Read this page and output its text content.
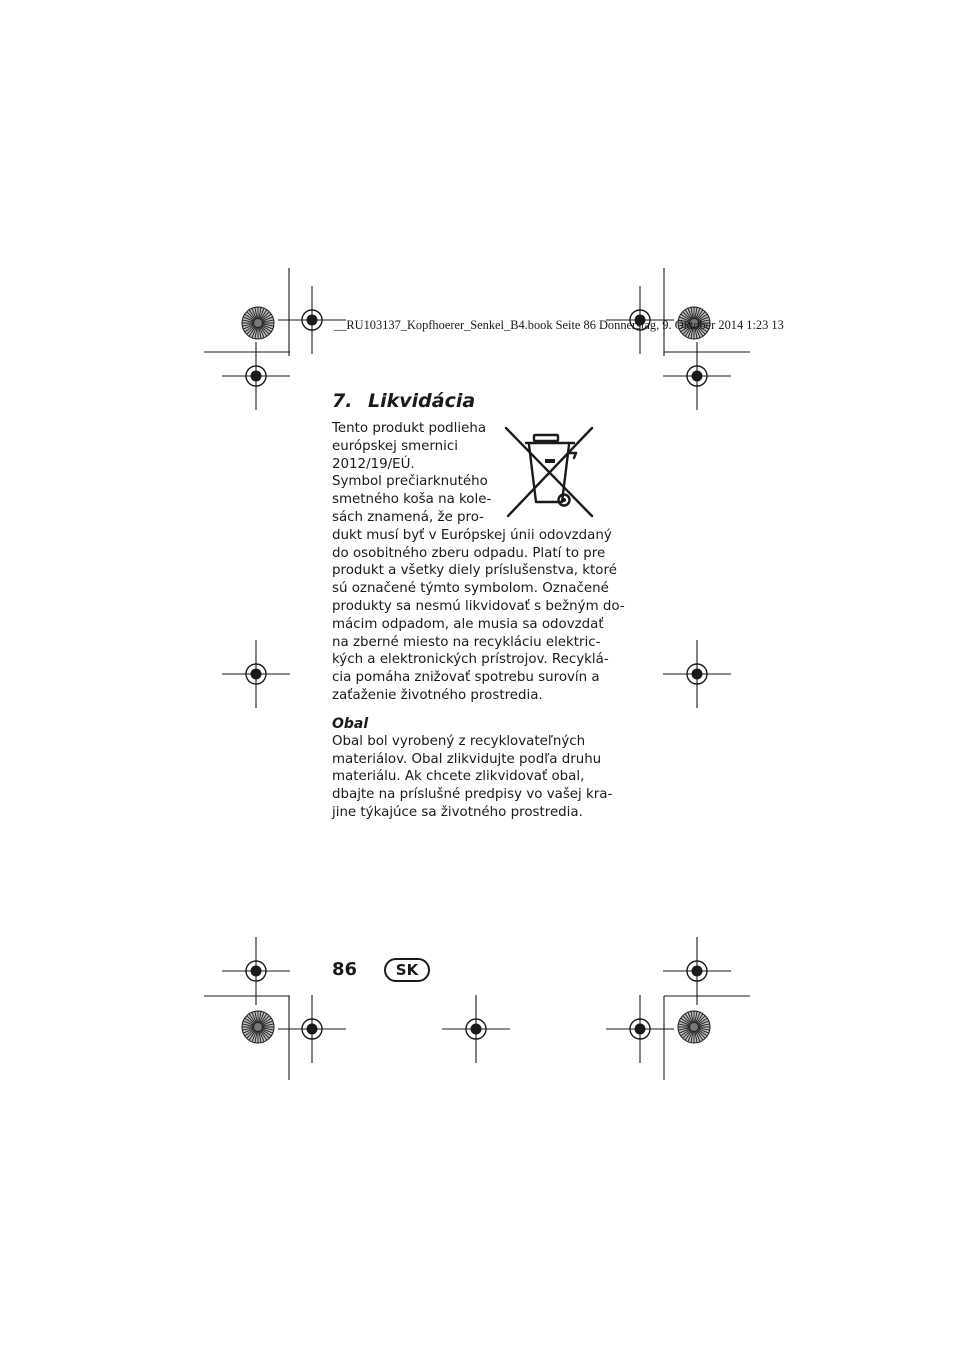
__RU103137_Kopfhoerer_Senkel_B4.book Seite 86 Donnerstag, 9. Oktober 2014 1:23 13
7. Likvidácia
Tento produkt podlieha
európskej smernici
2012/19/EÚ.
Symbol prečiarknutého
smetného koša na kole-
sách znamená, že pro-
dukt musí byť v Európskej únii odovzdaný
do osobitného zberu odpadu. Platí to pre
produkt a všetky diely príslušenstva, ktoré
sú označené týmto symbolom. Označené
produkty sa nesmú likvidovať s bežným do-
mácim odpadom, ale musia sa odovzdať
na zberné miesto na recykláciu elektric-
kých a elektronických prístrojov. Recyklá-
cia pomáha znižovať spotrebu surovín a
zaťaženie životného prostredia.
Obal
Obal bol vyrobený z recyklovateľných
materiálov. Obal zlikvidujte podľa druhu
materiálu. Ak chcete zlikvidovať obal,
dbajte na príslušné predpisy vo vašej kra-
jine týkajúce sa životného prostredia.
86	SK
